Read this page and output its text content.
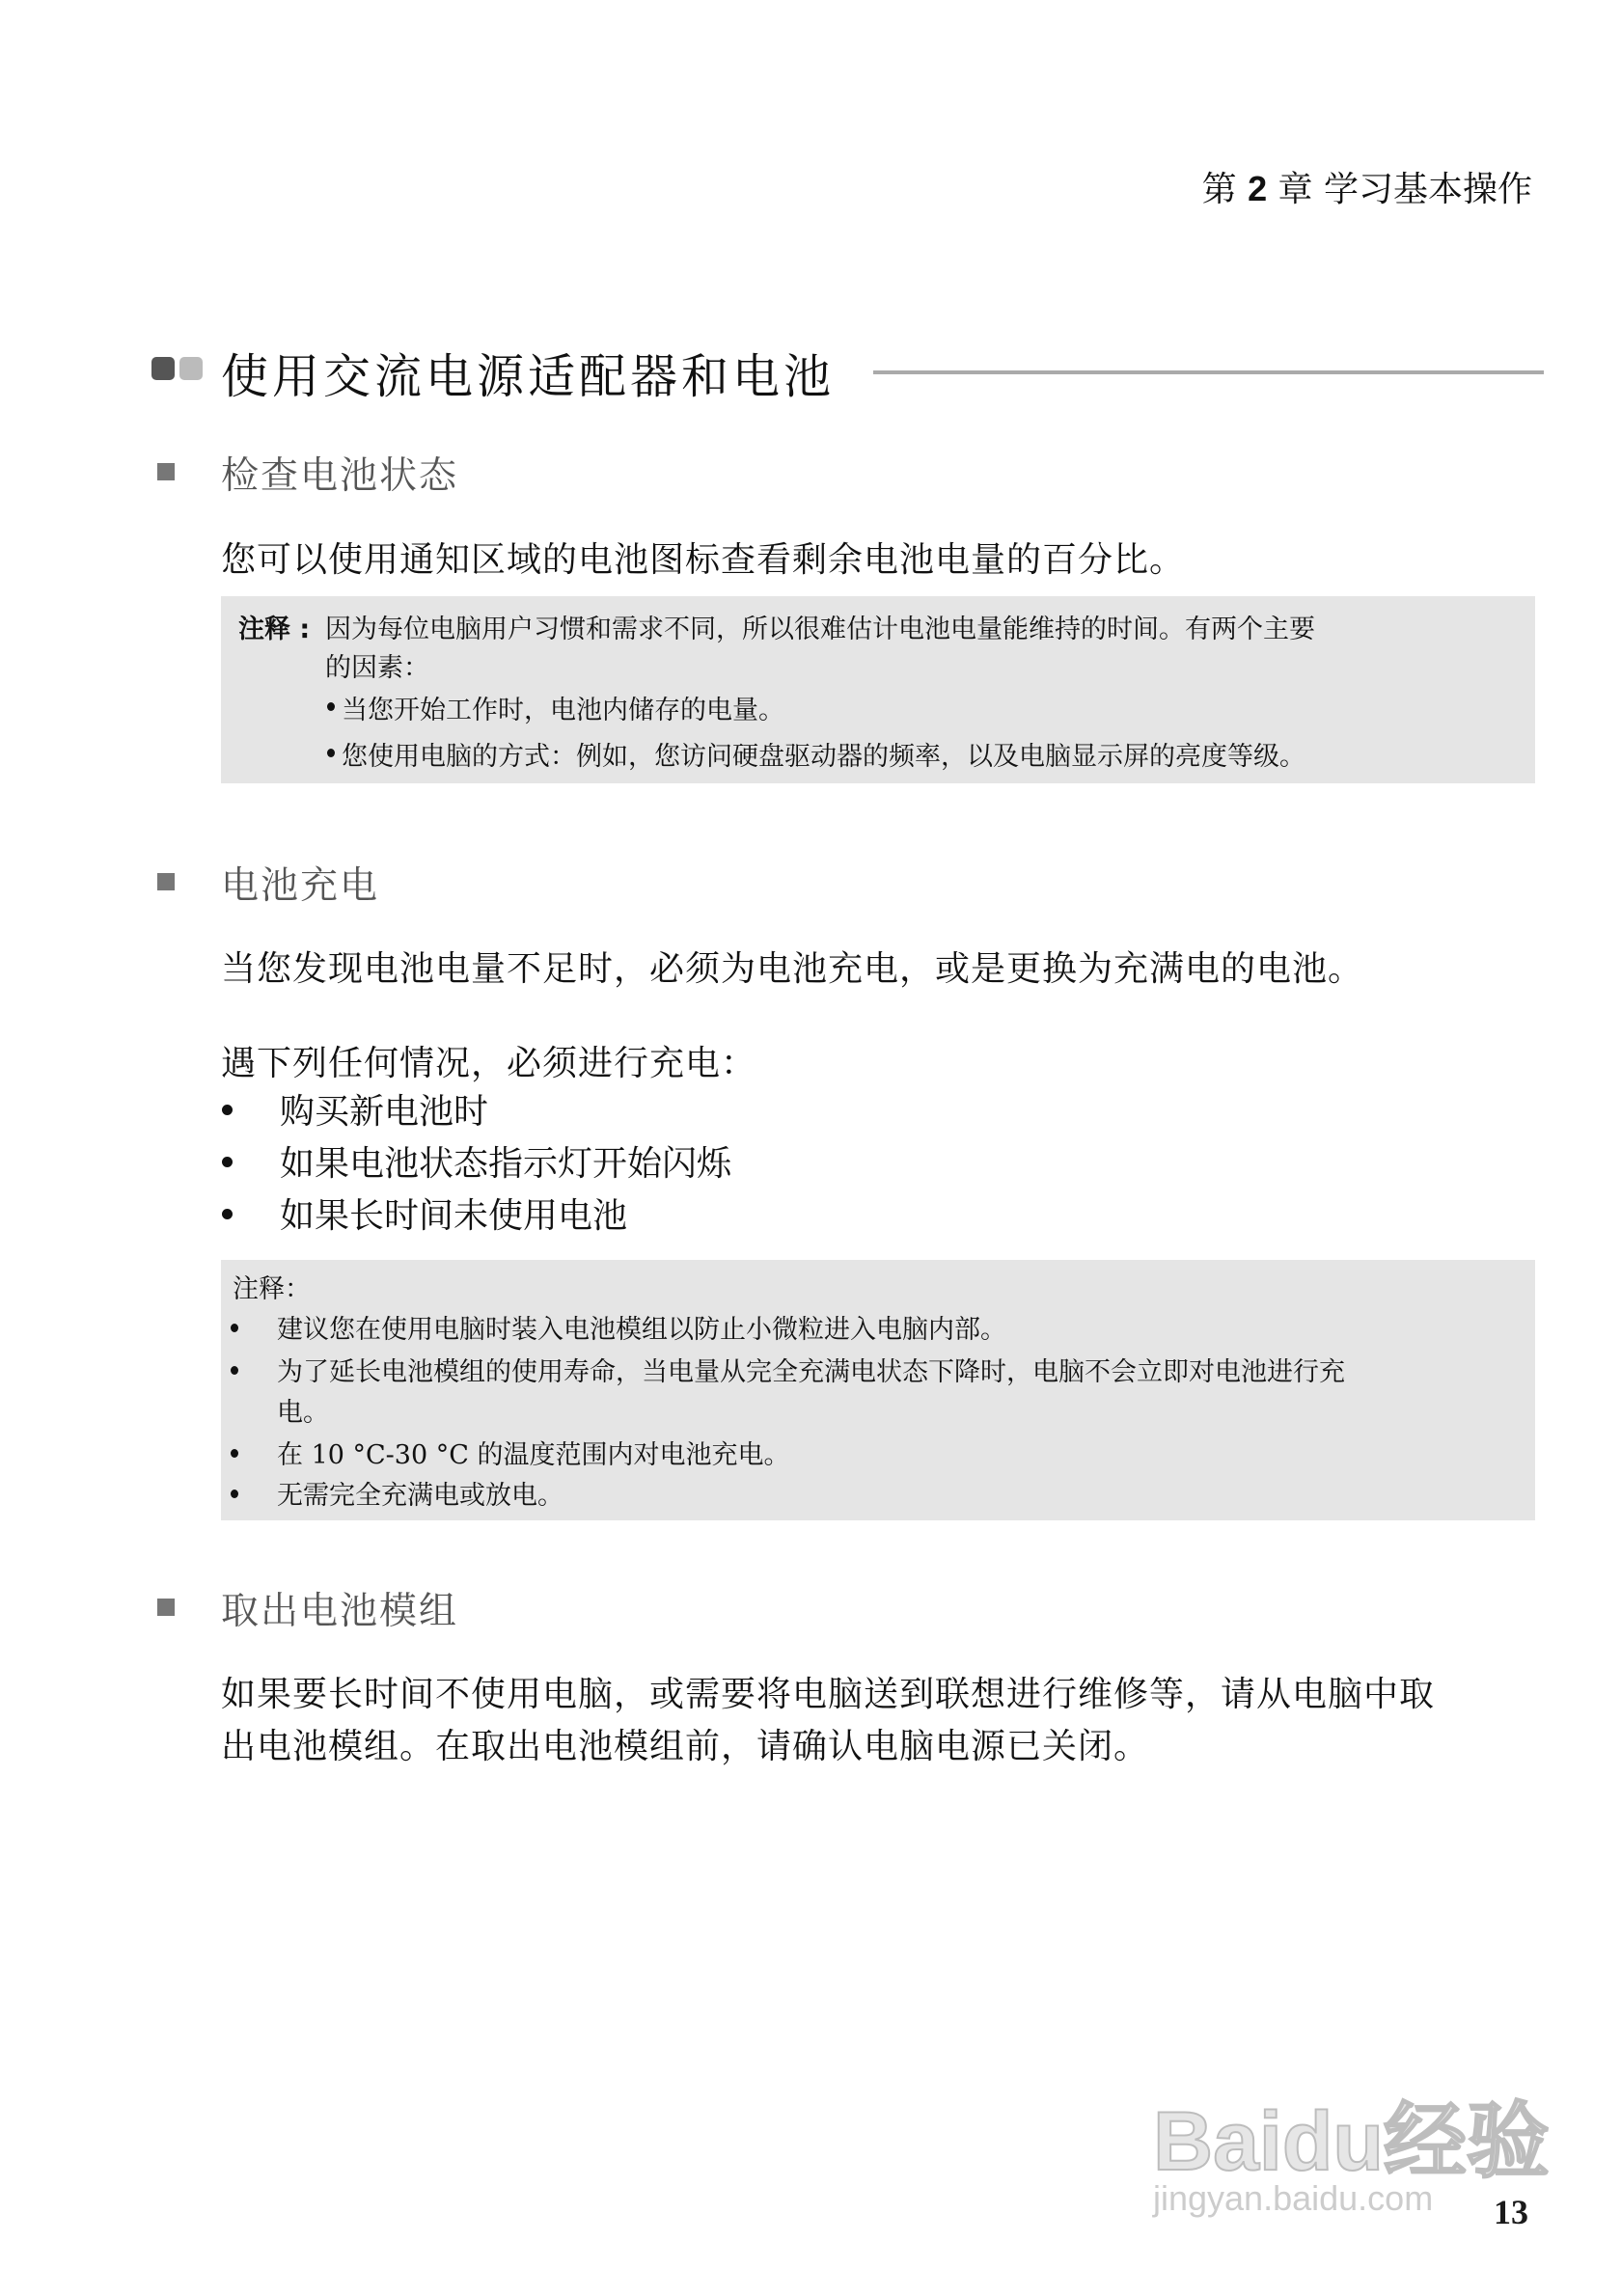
第 2 章 学习基本操作
使用交流电源适配器和电池
检查电池状态
您可以使用通知区域的电池图标查看剩余电池电量的百分比。
注释 : 因为每位电脑用户习惯和需求不同，所以很难估计电池电量能维持的时间。有两个主要
的因素：
当您开始工作时，电池内储存的电量。
您使用电脑的方式：例如，您访问硬盘驱动器的频率，以及电脑显示屏的亮度等级。
电池充电
当您发现电池电量不足时，必须为电池充电，或是更换为充满电的电池。
遇下列任何情况，必须进行充电：
购买新电池时
如果电池状态指示灯开始闪烁
如果长时间未使用电池
注释：
建议您在使用电脑时装入电池模组以防止小微粒进入电脑内部。
为了延长电池模组的使用寿命，当电量从完全充满电状态下降时，电脑不会立即对电池进行充
电。
在 10 °C-30 °C 的温度范围内对电池充电。
无需完全充满电或放电。
取出电池模组
如果要长时间不使用电脑，或需要将电脑送到联想进行维修等，请从电脑中取
出电池模组。在取出电池模组前，请确认电脑电源已关闭。
Baidu经验
jingyan.baidu.com 13
